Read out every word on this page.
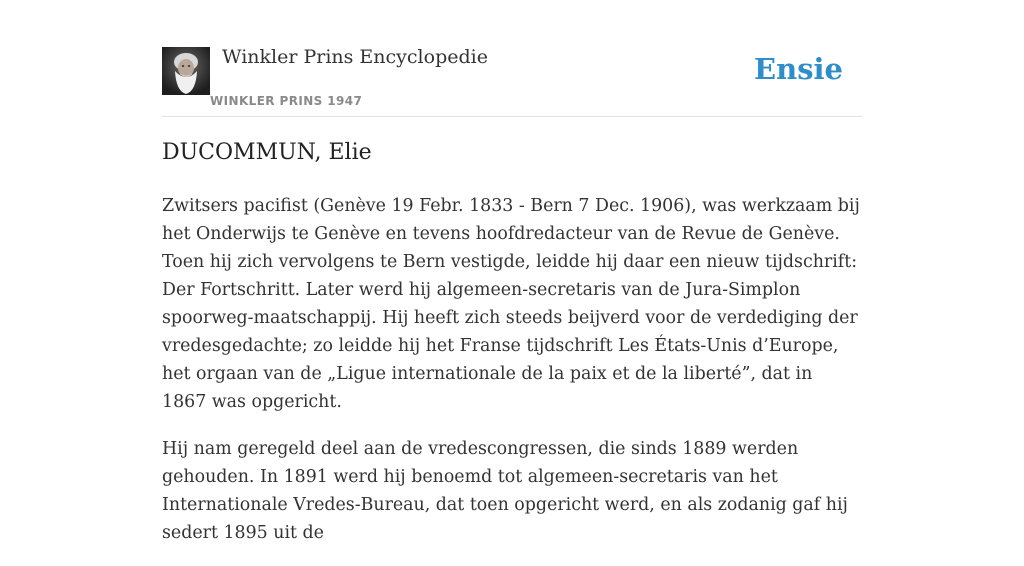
Winkler Prins Encyclopedie
WINKLER PRINS 1947
Ensie
DUCOMMUN, Elie

Zwitsers pacifist (Genève 19 Febr. 1833 - Bern 7 Dec. 1906), was werkzaam bij het Onderwijs te Genève en tevens hoofdredacteur van de Revue de Genève. Toen hij zich vervolgens te Bern vestigde, leidde hij daar een nieuw tijdschrift: Der Fortschritt. Later werd hij algemeen-secretaris van de Jura-Simplon spoorweg-maatschappij. Hij heeft zich steeds beijverd voor de verdediging der vredesgedachte; zo leidde hij het Franse tijdschrift Les États-Unis d’Europe, het orgaan van de „Ligue internationale de la paix et de la liberté”, dat in 1867 was opgericht.

Hij nam geregeld deel aan de vredescongressen, die sinds 1889 werden gehouden. In 1891 werd hij benoemd tot algemeen-secretaris van het Internationale Vredes-Bureau, dat toen opgericht werd, en als zodanig gaf hij sedert 1895 uit de
